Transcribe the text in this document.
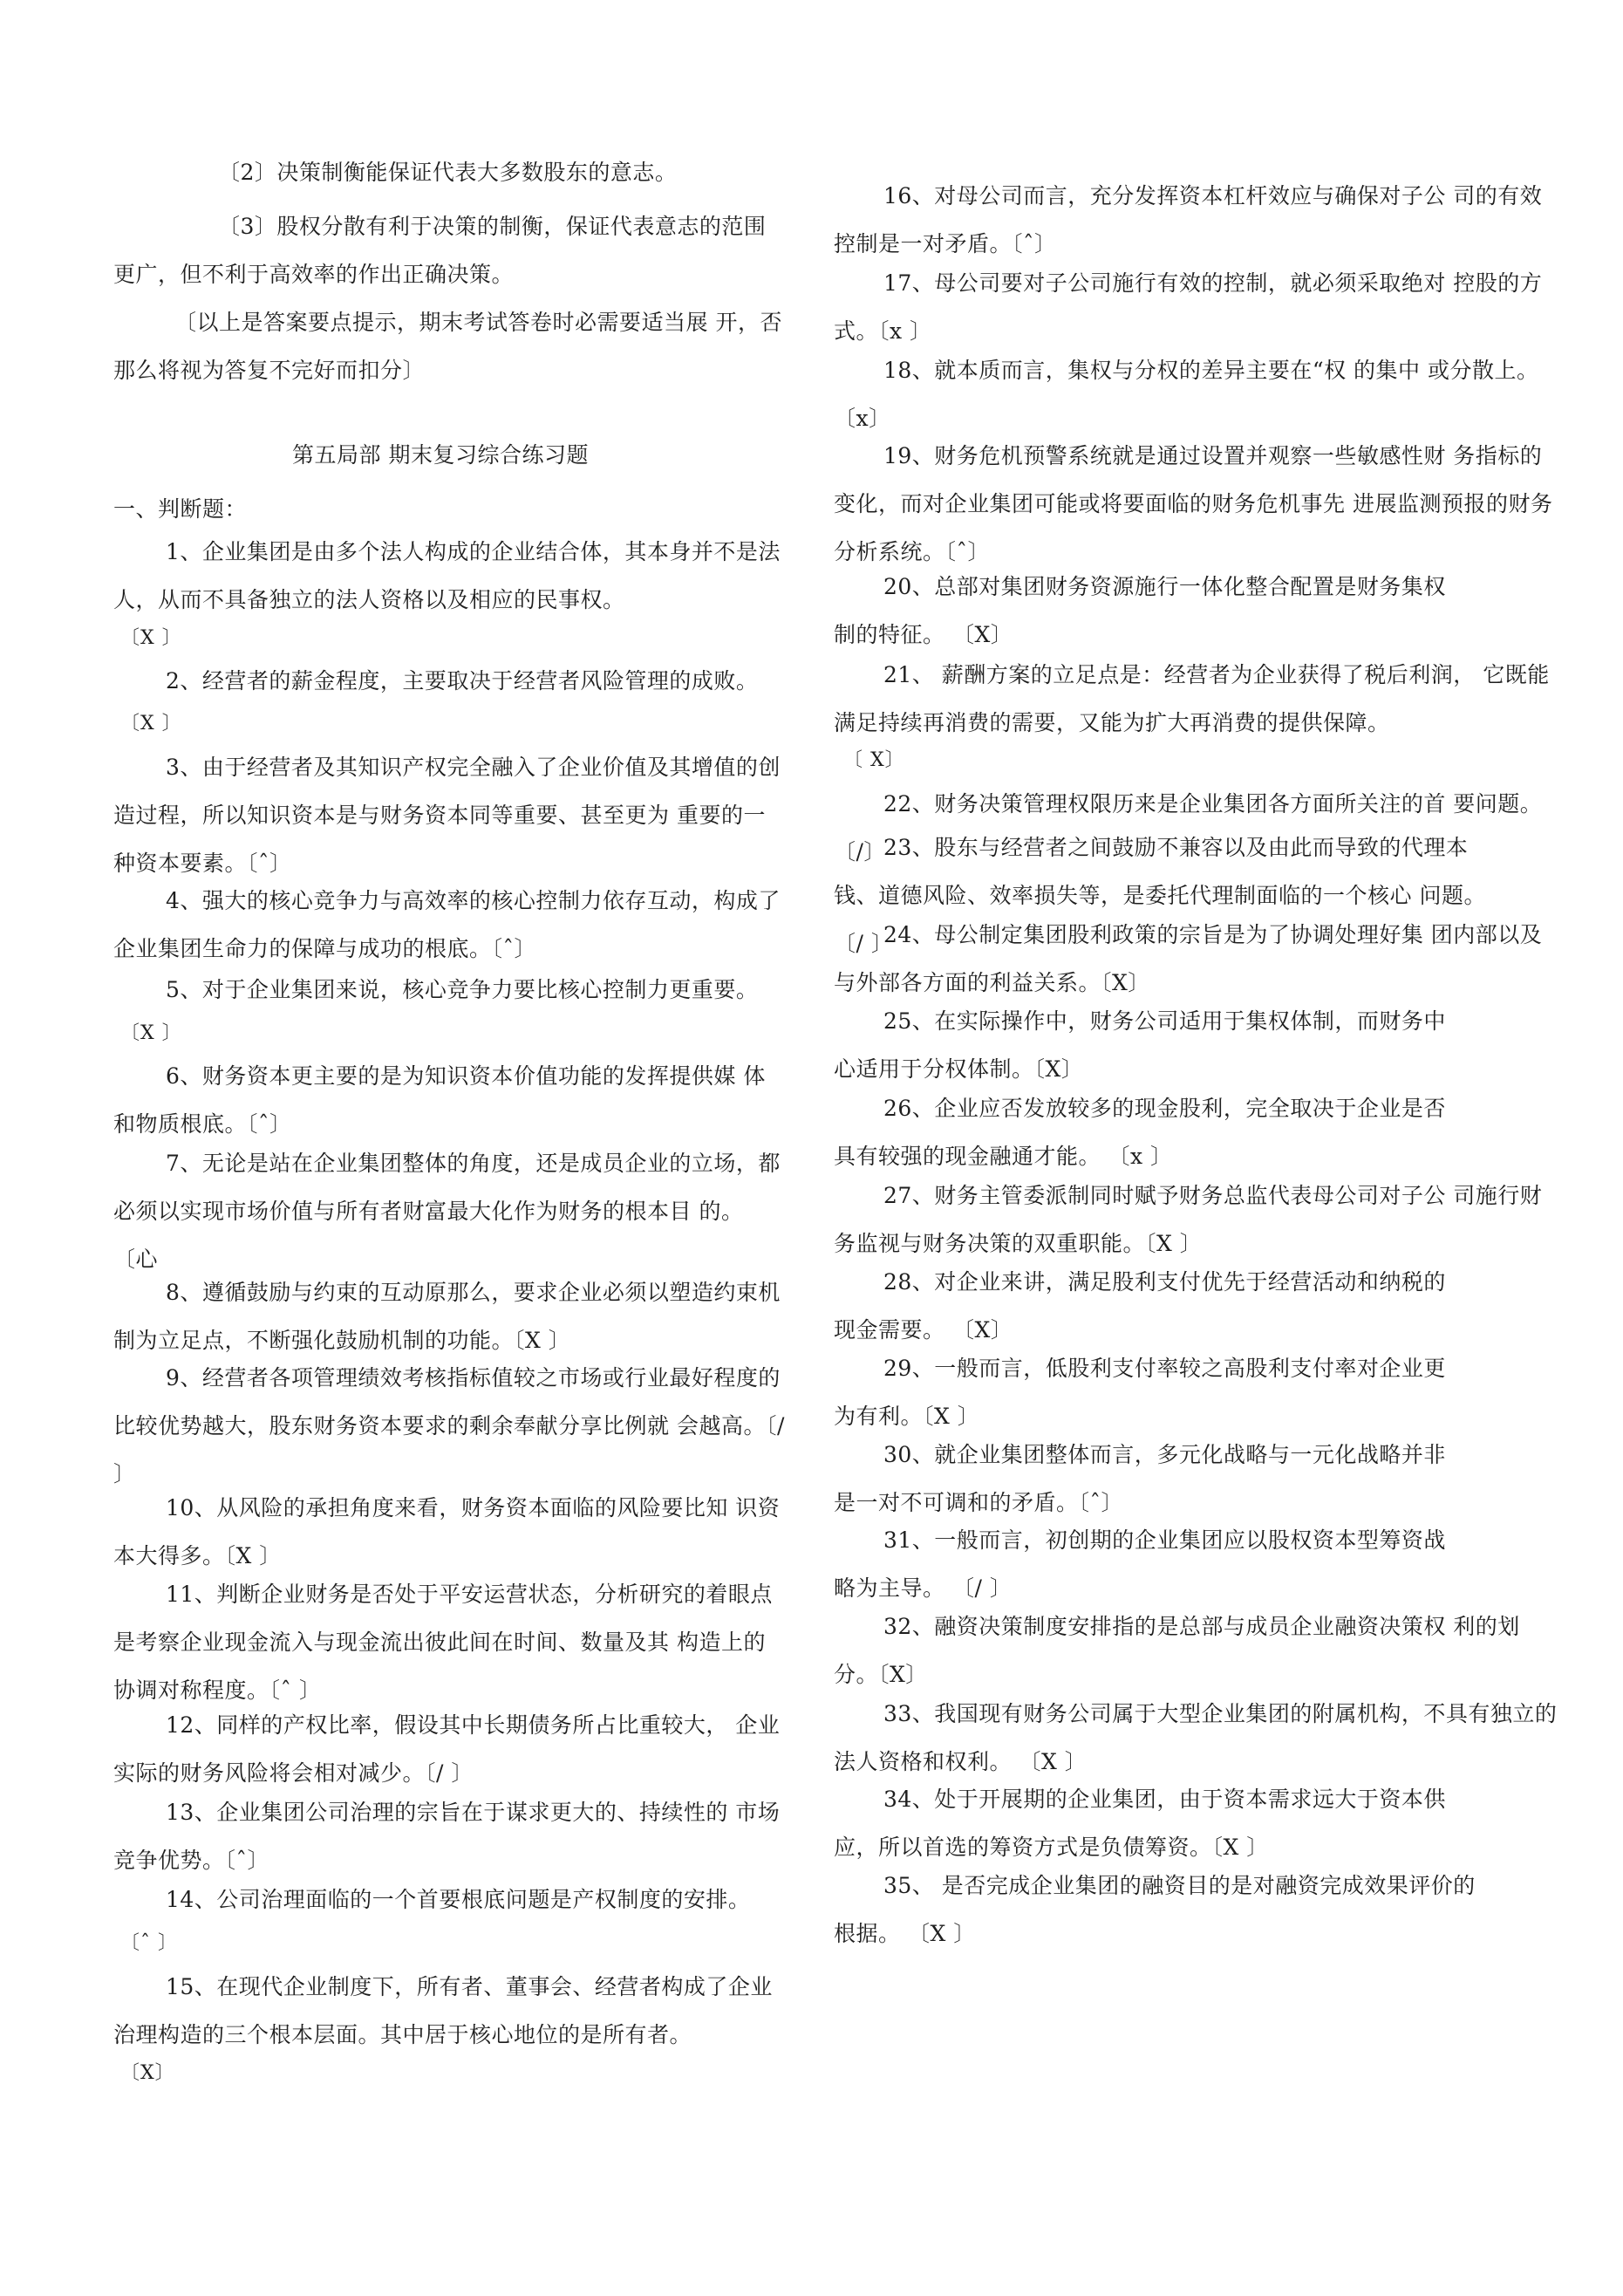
〔2〕决策制衡能保证代表大多数股东的意志。
〔3〕股权分散有利于决策的制衡，保证代表意志的范围更广，但不利于高效率的作出正确决策。
〔以上是答案要点提示，期末考试答卷时必需要适当展 开，否那么将视为答复不完好而扣分〕
第五局部 期末复习综合练习题
一、判断题：
1、企业集团是由多个法人构成的企业结合体，其本身并不是法人，从而不具备独立的法人资格以及相应的民事权。
〔X 〕
2、经营者的薪金程度，主要取决于经营者风险管理的成败。
〔X 〕
3、由于经营者及其知识产权完全融入了企业价值及其增值的创造过程，所以知识资本是与财务资本同等重要、甚至更为 重要的一种资本要素。〔ˆ〕
4、强大的核心竞争力与高效率的核心控制力依存互动，构成了企业集团生命力的保障与成功的根底。〔ˆ〕
5、对于企业集团来说，核心竞争力要比核心控制力更重要。
〔X 〕
6、财务资本更主要的是为知识资本价值功能的发挥提供媒 体和物质根底。〔ˆ〕
7、无论是站在企业集团整体的角度，还是成员企业的立场，都必须以实现市场价值与所有者财富最大化作为财务的根本目 的。 〔心
8、遵循鼓励与约束的互动原那么，要求企业必须以塑造约束机制为立足点，不断强化鼓励机制的功能。〔X 〕
9、经营者各项管理绩效考核指标值较之市场或行业最好程度的比较优势越大，股东财务资本要求的剩余奉献分享比例就 会越高。〔/ 〕
10、从风险的承担角度来看，财务资本面临的风险要比知 识资本大得多。〔X 〕
11、判断企业财务是否处于平安运营状态，分析研究的着眼点是考察企业现金流入与现金流出彼此间在时间、数量及其 构造上的协调对称程度。〔ˆ 〕
12、同样的产权比率，假设其中长期债务所占比重较大， 企业实际的财务风险将会相对减少。〔/ 〕
13、企业集团公司治理的宗旨在于谋求更大的、持续性的 市场竞争优势。〔ˆ〕
14、公司治理面临的一个首要根底问题是产权制度的安排。
〔ˆ 〕
15、在现代企业制度下，所有者、董事会、经营者构成了企业治理构造的三个根本层面。其中居于核心地位的是所有者。
〔X〕
16、对母公司而言，充分发挥资本杠杆效应与确保对子公 司的有效控制是一对矛盾。〔ˆ〕
17、母公司要对子公司施行有效的控制，就必须采取绝对 控股的方式。〔x 〕
18、就本质而言，集权与分权的差异主要在“权 的集中 或分散上。〔x〕
19、财务危机预警系统就是通过设置并观察一些敏感性财 务指标的变化，而对企业集团可能或将要面临的财务危机事先 进展监测预报的财务分析系统。〔ˆ〕
20、总部对集团财务资源施行一体化整合配置是财务集权制的特征。 〔X〕
21、 薪酬方案的立足点是：经营者为企业获得了税后利润， 它既能满足持续再消费的需要，又能为扩大再消费的提供保障。
〔 X〕
22、财务决策管理权限历来是企业集团各方面所关注的首 要问题。〔/〕
23、股东与经营者之间鼓励不兼容以及由此而导致的代理本钱、道德风险、效率损失等，是委托代理制面临的一个核心 问题。 〔/ 〕
24、母公制定集团股利政策的宗旨是为了协调处理好集 团内部以及与外部各方面的利益关系。〔X〕
25、在实际操作中，财务公司适用于集权体制，而财务中心适用于分权体制。〔X〕
26、企业应否发放较多的现金股利，完全取决于企业是否具有较强的现金融通才能。 〔x 〕
27、财务主管委派制同时赋予财务总监代表母公司对子公 司施行财务监视与财务决策的双重职能。〔X 〕
28、对企业来讲，满足股利支付优先于经营活动和纳税的现金需要。 〔X〕
29、一般而言，低股利支付率较之高股利支付率对企业更为有利。〔X 〕
30、就企业集团整体而言，多元化战略与一元化战略并非是一对不可调和的矛盾。〔ˆ〕
31、一般而言，初创期的企业集团应以股权资本型筹资战略为主导。 〔/ 〕
32、融资决策制度安排指的是总部与成员企业融资决策权 利的划分。〔X〕
33、我国现有财务公司属于大型企业集团的附属机构，不具有独立的 法人资格和权利。 〔X 〕
34、处于开展期的企业集团，由于资本需求远大于资本供应，所以首选的筹资方式是负债筹资。〔X 〕
35、 是否完成企业集团的融资目的是对融资完成效果评价的根据。 〔X 〕
